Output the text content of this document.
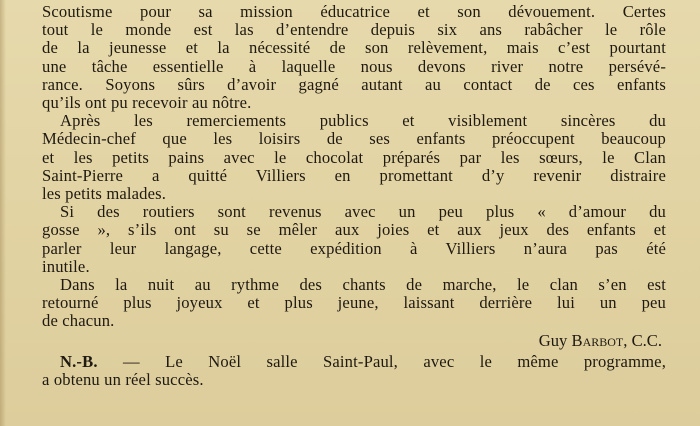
Scoutisme pour sa mission éducatrice et son dévouement. Certes
tout le monde est las d’entendre depuis six ans rabâcher le rôle
de la jeunesse et la nécessité de son relèvement, mais c’est pourtant
une tâche essentielle à laquelle nous devons river notre persévé-
rance. Soyons sûrs d’avoir gagné autant au contact de ces enfants
qu’ils ont pu recevoir au nôtre.
Après les remerciements publics et visiblement sincères du
Médecin-chef que les loisirs de ses enfants préoccupent beaucoup
et les petits pains avec le chocolat préparés par les sœurs, le Clan
Saint-Pierre a quitté Villiers en promettant d’y revenir distraire
les petits malades.
Si des routiers sont revenus avec un peu plus « d’amour du
gosse », s’ils ont su se mêler aux joies et aux jeux des enfants et
parler leur langage, cette expédition à Villiers n’aura pas été
inutile.
Dans la nuit au rythme des chants de marche, le clan s’en est
retourné plus joyeux et plus jeune, laissant derrière lui un peu
de chacun.
Guy Barbot, C.C.
N.-B. — Le Noël salle Saint-Paul, avec le même programme,
a obtenu un réel succès.
